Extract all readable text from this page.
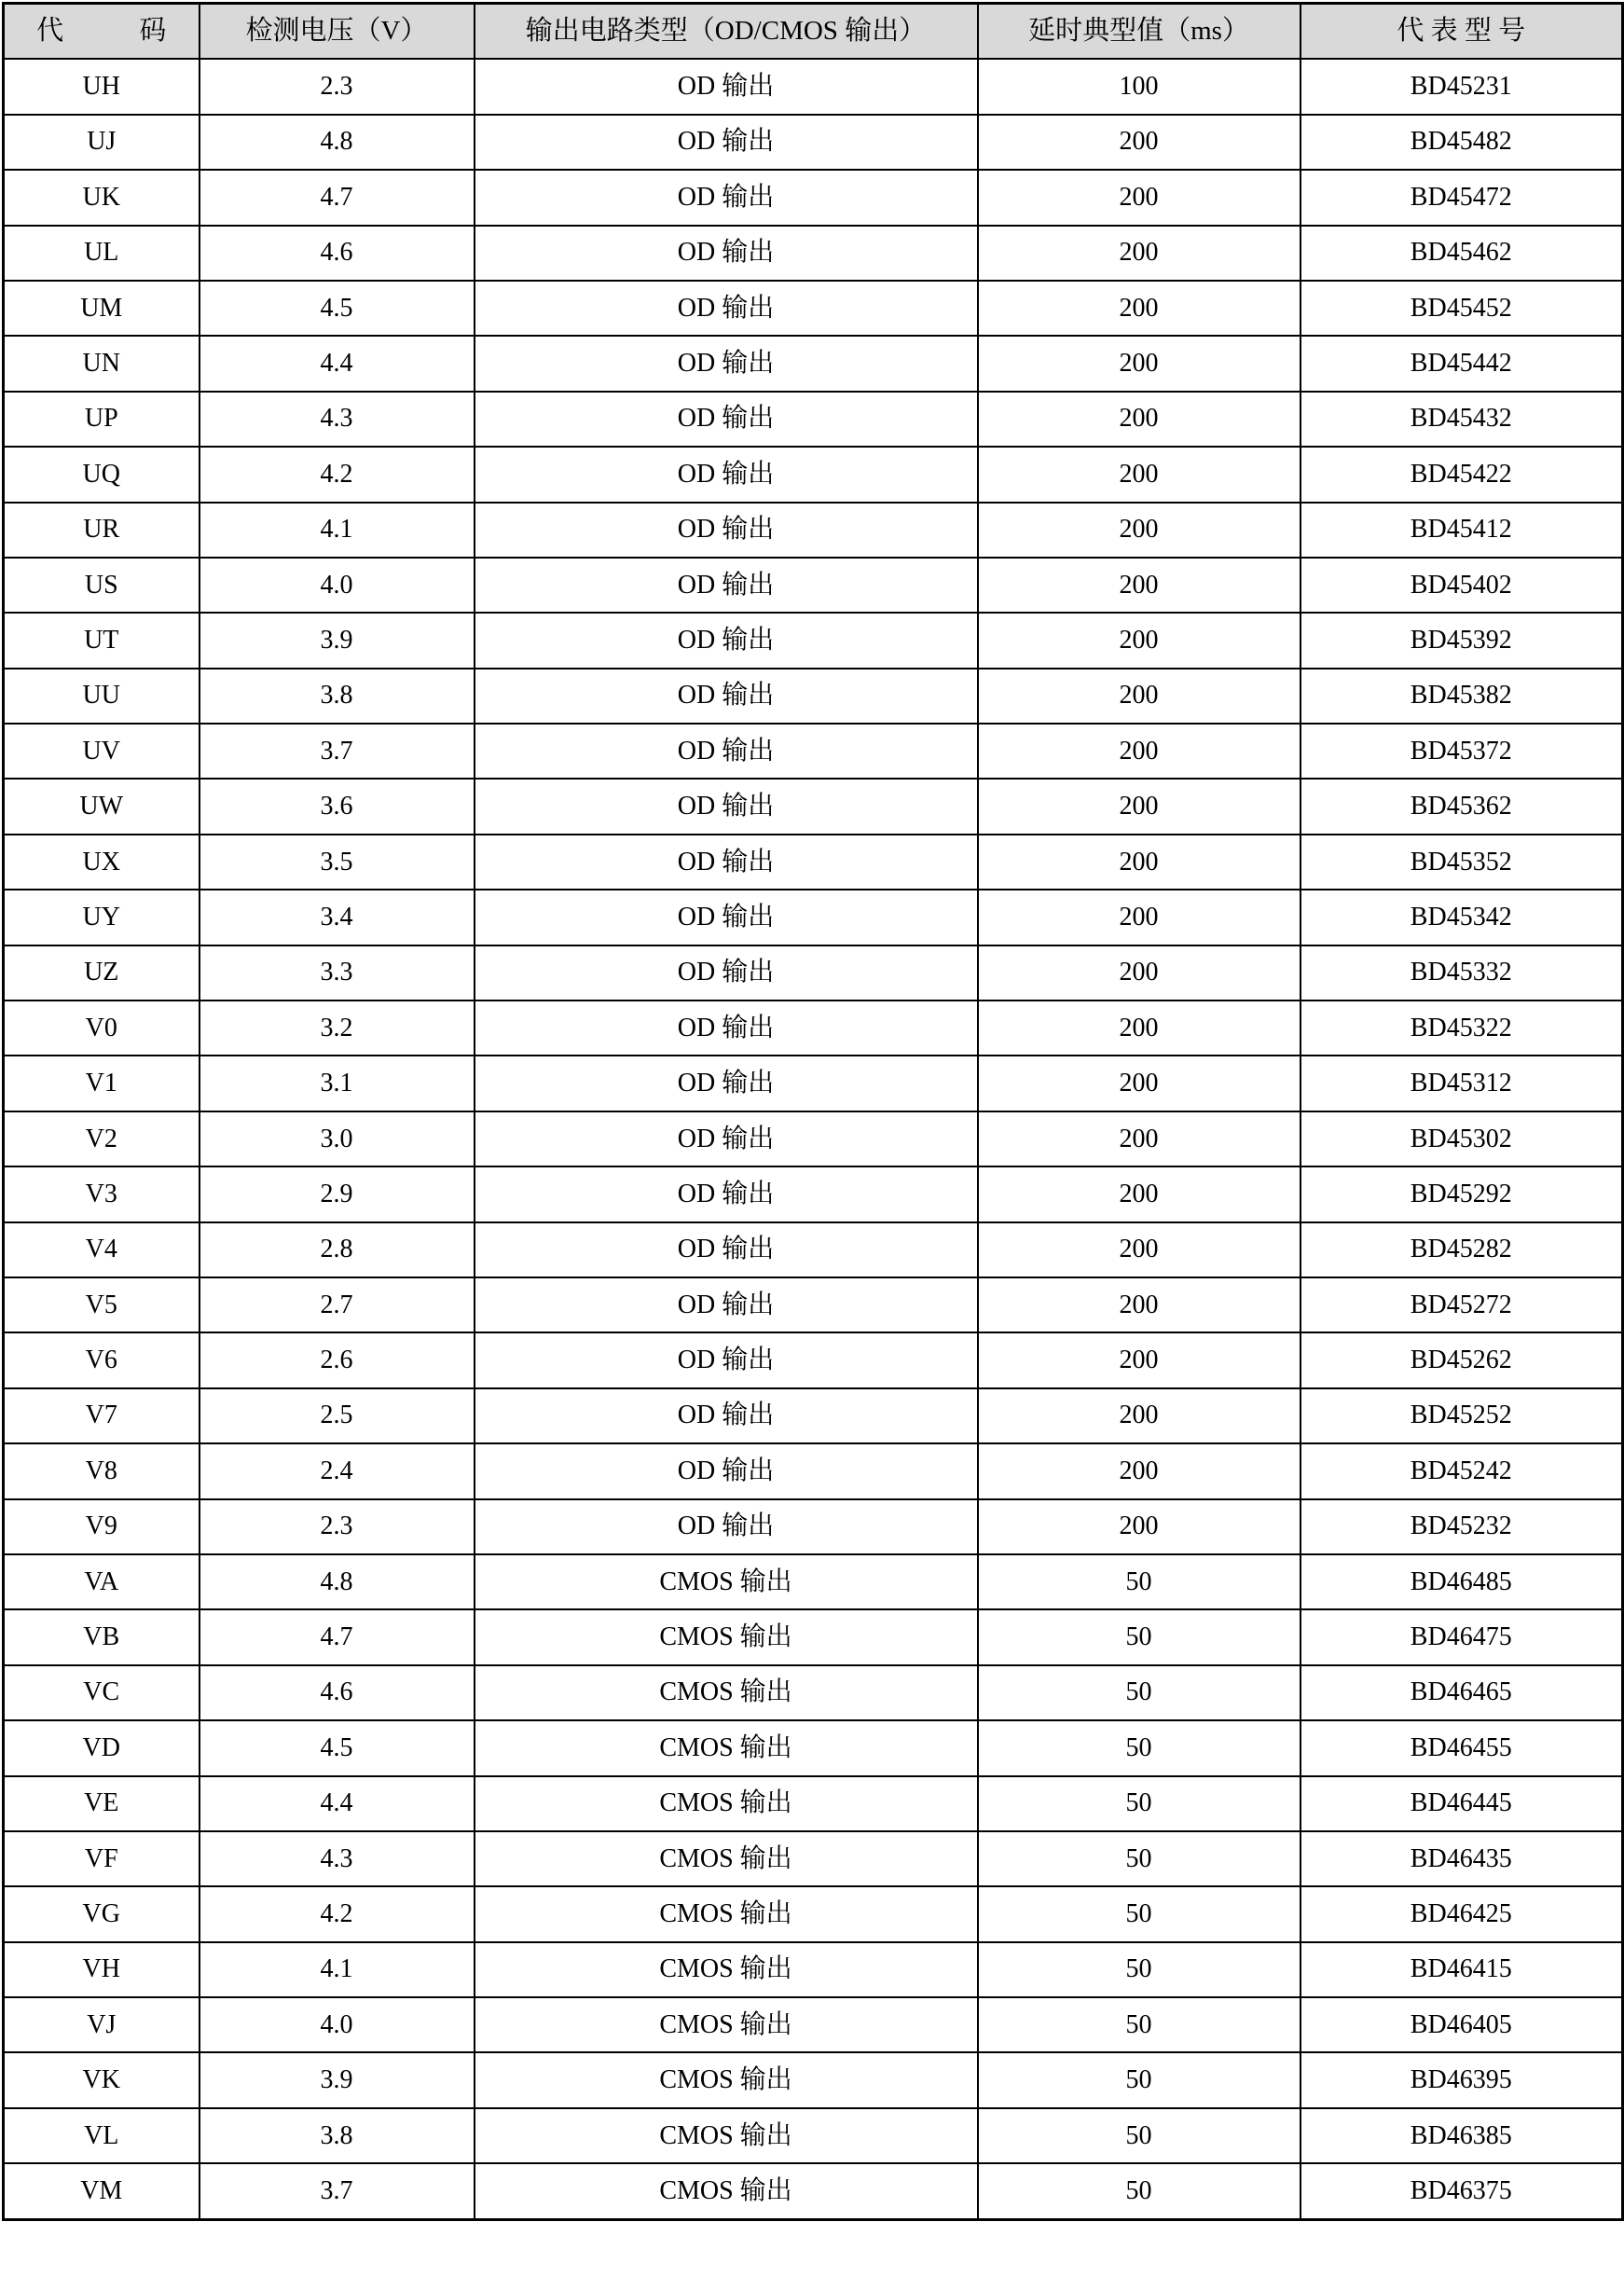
代　码	检测电压（V）	输出电路类型（OD/CMOS 输出）	延时典型值（ms）	代 表 型 号
UH	2.3	OD 输出	100	BD45231
UJ	4.8	OD 输出	200	BD45482
UK	4.7	OD 输出	200	BD45472
UL	4.6	OD 输出	200	BD45462
UM	4.5	OD 输出	200	BD45452
UN	4.4	OD 输出	200	BD45442
UP	4.3	OD 输出	200	BD45432
UQ	4.2	OD 输出	200	BD45422
UR	4.1	OD 输出	200	BD45412
US	4.0	OD 输出	200	BD45402
UT	3.9	OD 输出	200	BD45392
UU	3.8	OD 输出	200	BD45382
UV	3.7	OD 输出	200	BD45372
UW	3.6	OD 输出	200	BD45362
UX	3.5	OD 输出	200	BD45352
UY	3.4	OD 输出	200	BD45342
UZ	3.3	OD 输出	200	BD45332
V0	3.2	OD 输出	200	BD45322
V1	3.1	OD 输出	200	BD45312
V2	3.0	OD 输出	200	BD45302
V3	2.9	OD 输出	200	BD45292
V4	2.8	OD 输出	200	BD45282
V5	2.7	OD 输出	200	BD45272
V6	2.6	OD 输出	200	BD45262
V7	2.5	OD 输出	200	BD45252
V8	2.4	OD 输出	200	BD45242
V9	2.3	OD 输出	200	BD45232
VA	4.8	CMOS 输出	50	BD46485
VB	4.7	CMOS 输出	50	BD46475
VC	4.6	CMOS 输出	50	BD46465
VD	4.5	CMOS 输出	50	BD46455
VE	4.4	CMOS 输出	50	BD46445
VF	4.3	CMOS 输出	50	BD46435
VG	4.2	CMOS 输出	50	BD46425
VH	4.1	CMOS 输出	50	BD46415
VJ	4.0	CMOS 输出	50	BD46405
VK	3.9	CMOS 输出	50	BD46395
VL	3.8	CMOS 输出	50	BD46385
VM	3.7	CMOS 输出	50	BD46375
